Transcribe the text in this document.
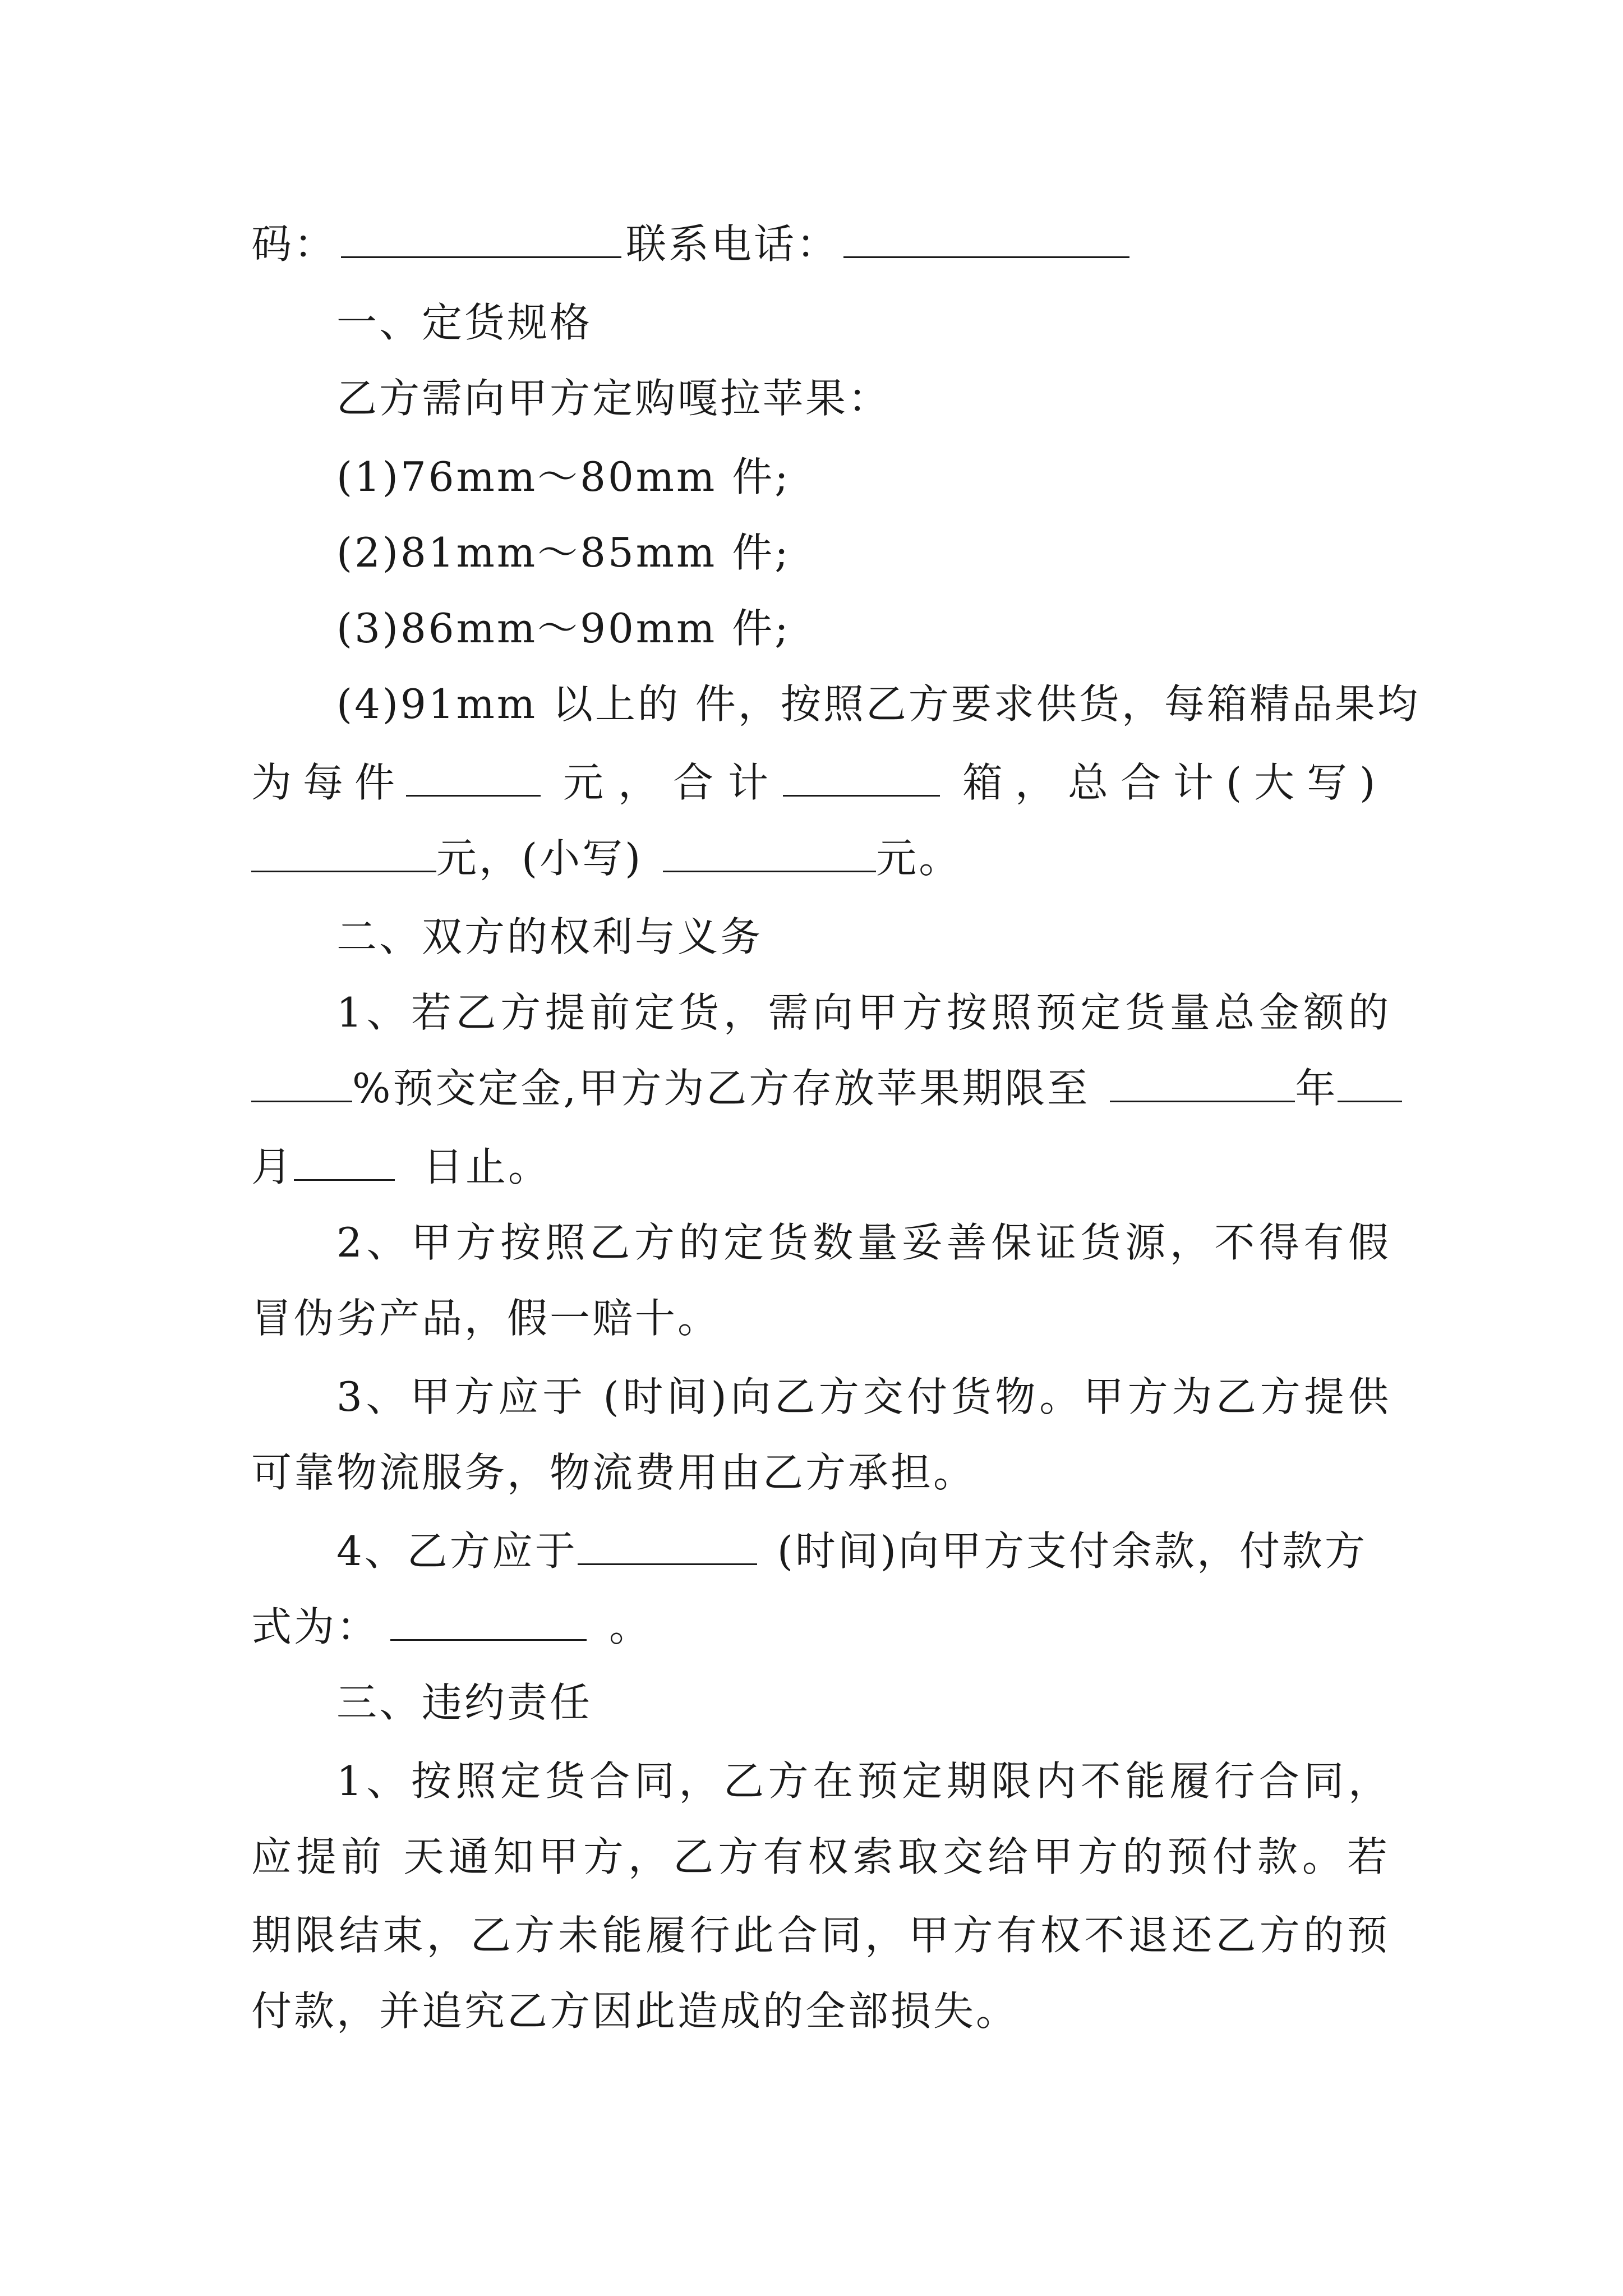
码：	联系电话：
一、定货规格
乙方需向甲方定购嘎拉苹果：
(1)76mm～80mm 件;
(2)81mm～85mm 件;
(3)86mm～90mm 件;
(4)91mm 以上的 件，按照乙方要求供货，每箱精品果均
为每件	元，合计	箱，总合计(大写)
元，(小写)	元。
二、双方的权利与义务
1、若乙方提前定货，需向甲方按照预定货量总金额的
%预交定金,甲方为乙方存放苹果期限至	年
月	日止。
2、甲方按照乙方的定货数量妥善保证货源，不得有假
冒伪劣产品，假一赔十。
3、甲方应于 (时间)向乙方交付货物。甲方为乙方提供
可靠物流服务，物流费用由乙方承担。
4、乙方应于	(时间)向甲方支付余款，付款方
式为：	。
三、违约责任
1、按照定货合同，乙方在预定期限内不能履行合同，
应提前 天通知甲方，乙方有权索取交给甲方的预付款。若
期限结束，乙方未能履行此合同，甲方有权不退还乙方的预
付款，并追究乙方因此造成的全部损失。
